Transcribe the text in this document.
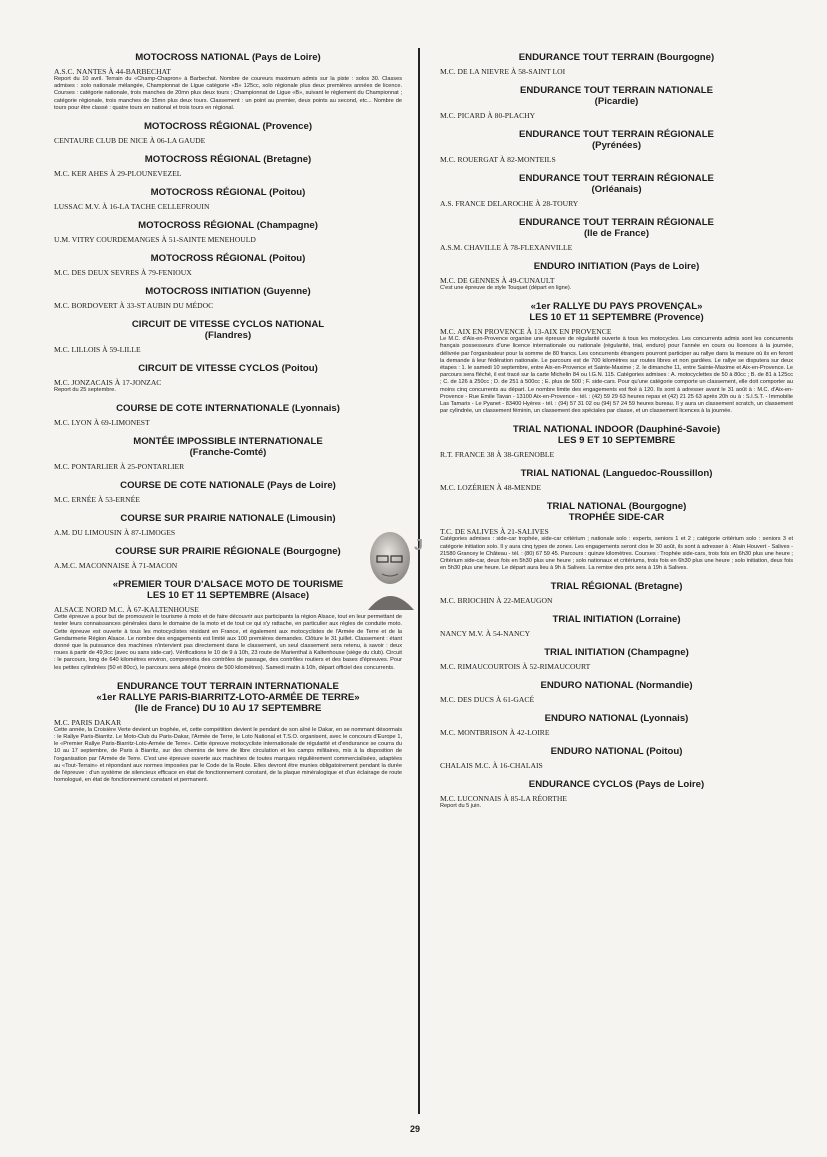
MOTOCROSS NATIONAL (Pays de Loire)

A.S.C. NANTES À 44-BARBECHAT

Report du 10 avril. Terrain du «Champ-Chapron» à Barbechat. Nombre de coureurs maximum admis sur la piste : solos 30. Classes admises : solo nationale mélangée, Championnat de Ligue catégorie «B» 125cc, solo régionale plus deux premières années de licence. Courses : catégorie nationale, trois manches de 20mn plus deux tours ; Championnat de Ligue «B», suivant le règlement du Championnat ; catégorie régionale, trois manches de 15mn plus deux tours. Classement : un point au premier, deux points au second, etc... Nombre de tours pour être classé : quatre tours en national et trois tours en régional.

MOTOCROSS RÉGIONAL (Provence)

CENTAURE CLUB DE NICE À 06-LA GAUDE

MOTOCROSS RÉGIONAL (Bretagne)

M.C. KER AHES À 29-PLOUNEVEZEL

MOTOCROSS RÉGIONAL (Poitou)

LUSSAC M.V. À 16-LA TACHE CELLEFROUIN

MOTOCROSS RÉGIONAL (Champagne)

U.M. VITRY COURDEMANGES À 51-SAINTE MENEHOULD

MOTOCROSS RÉGIONAL (Poitou)

M.C. DES DEUX SEVRES À 79-FENIOUX

MOTOCROSS INITIATION (Guyenne)

M.C. BORDOVERT À 33-ST AUBIN DU MÉDOC

CIRCUIT DE VITESSE CYCLOS NATIONAL
(Flandres)

M.C. LILLOIS À 59-LILLE

CIRCUIT DE VITESSE CYCLOS (Poitou)

M.C. JONZACAIS À 17-JONZAC

Report du 25 septembre.

COURSE DE COTE INTERNATIONALE (Lyonnais)

M.C. LYON À 69-LIMONEST

MONTÉE IMPOSSIBLE INTERNATIONALE
(Franche-Comté)

M.C. PONTARLIER À 25-PONTARLIER

COURSE DE COTE NATIONALE (Pays de Loire)

M.C. ERNÉE À 53-ERNÉE

COURSE SUR PRAIRIE NATIONALE (Limousin)

A.M. DU LIMOUSIN À 87-LIMOGES

COURSE SUR PRAIRIE RÉGIONALE (Bourgogne)

A.M.C. MACONNAISE À 71-MACON

«PREMIER TOUR D'ALSACE MOTO DE TOURISME
LES 10 ET 11 SEPTEMBRE (Alsace)

ALSACE NORD M.C. À 67-KALTENHOUSE

Cette épreuve a pour but de promouvoir le tourisme à moto et de faire découvrir aux participants la région Alsace, tout en leur permettant de tester leurs connaissances générales dans le domaine de la moto et de tout ce qui s'y rattache, en particulier aux règles de conduite moto. Cette épreuve est ouverte à tous les motocyclistes résidant en France, et également aux motocyclistes de l'Armée de Terre et de la Gendarmerie Région Alsace. Le nombre des engagements est limité aux 100 premières demandes. Clôture le 31 juillet. Classement : étant donné que la puissance des machines n'intervient pas directement dans le classement, un seul classement sera retenu, à savoir : deux roues à partir de 49,9cc (avec ou sans side-car). Vérifications le 10 de 9 à 10h, 23 route de Marienthal à Kaltenhouse (siège du club). Circuit : le parcours, long de 640 kilomètres environ, comprendra des contrôles de passage, des contrôles routiers et des bases d'épreuves. Pour les petites cylindrées (50 et 80cc), le parcours sera allégé (moins de 500 kilomètres). Samedi matin à 10h, départ officiel des concurrents.

ENDURANCE TOUT TERRAIN INTERNATIONALE
«1er RALLYE PARIS-BIARRITZ-LOTO-ARMÉE DE TERRE»
(Ile de France) DU 10 AU 17 SEPTEMBRE

M.C. PARIS DAKAR

Cette année, la Croisière Verte devient un trophée, et, cette compétition devient le pendant de son aîné le Dakar, en se nommant désormais : le Rallye Paris-Biarritz. Le Moto-Club du Paris-Dakar, l'Armée de Terre, le Loto National et T.S.O. organisent, avec le concours d'Europe 1, le «Premier Rallye Paris-Biarritz-Loto-Armée de Terre». Cette épreuve motocycliste internationale de régularité et d'endurance se courra du 10 au 17 septembre, de Paris à Biarritz, sur des chemins de terre de libre circulation et les camps militaires, mis à la disposition de l'organisation par l'Armée de Terre. C'est une épreuve ouverte aux machines de toutes marques régulièrement commercialisées, adaptées au «Tout-Terrain» et répondant aux normes imposées par le Code de la Route. Elles devront être munies obligatoirement pendant la durée de l'épreuve : d'un système de silencieux efficace en état de fonctionnement constant, de la plaque minéralogique et d'un éclairage de route homologué, en état de fonctionnement constant et permanent.

ENDURANCE TOUT TERRAIN (Bourgogne)

M.C. DE LA NIEVRE À 58-SAINT LOI

ENDURANCE TOUT TERRAIN NATIONALE
(Picardie)

M.C. PICARD À 80-PLACHY

ENDURANCE TOUT TERRAIN RÉGIONALE
(Pyrénées)

M.C. ROUERGAT À 82-MONTEILS

ENDURANCE TOUT TERRAIN RÉGIONALE
(Orléanais)

A.S. FRANCE DELAROCHE À 28-TOURY

ENDURANCE TOUT TERRAIN RÉGIONALE
(Ile de France)

A.S.M. CHAVILLE À 78-FLEXANVILLE

ENDURO INITIATION (Pays de Loire)

M.C. DE GENNES À 49-CUNAULT

C'est une épreuve de style Touquet (départ en ligne).

«1er RALLYE DU PAYS PROVENÇAL»
LES 10 ET 11 SEPTEMBRE (Provence)

M.C. AIX EN PROVENCE À 13-AIX EN PROVENCE

Le M.C. d'Aix-en-Provence organise une épreuve de régularité ouverte à tous les motocycles. Les concurrents admis sont les concurrents français possesseurs d'une licence internationale ou nationale (régularité, trial, enduro) pour l'année en cours ou licences à la journée, délivrée par l'organisateur pour la somme de 80 francs. Les concurrents étrangers pourront participer au rallye dans la mesure où ils en feront la demande à leur fédération nationale. Le parcours est de 700 kilomètres sur routes libres et non gardées. Le rallye se disputera sur deux étapes : 1. le samedi 10 septembre, entre Aix-en-Provence et Sainte-Maxime ; 2. le dimanche 11, entre Sainte-Maxime et Aix-en-Provence. Le parcours sera fléché, il est tracé sur la carte Michelin 84 ou I.G.N. 115. Catégories admises : A. motocyclettes de 50 à 80cc ; B. de 81 à 125cc ; C. de 126 à 250cc ; D. de 251 à 500cc ; E. plus de 500 ; F. side-cars. Pour qu'une catégorie comporte un classement, elle doit comporter au moins cinq concurrents au départ. Le nombre limite des engagements est fixé à 120. Ils sont à adresser avant le 31 août à : M.C. d'Aix-en-Provence - Rue Emile Tavan - 13100 Aix-en-Provence - tél. : (42) 59 29 63 heures repas et (42) 21 25 63 après 20h ou à : S.I.S.T. - Immobilie Las Tamaris - Le Pyanet - 83400 Hyères - tél. : (94) 57 31 02 ou (94) 57 24 59 heures bureau. Il y aura un classement scratch, un classement par cylindrée, un classement féminin, un classement des spéciales par classe, et un classement licences à la journée.

TRIAL NATIONAL INDOOR (Dauphiné-Savoie)
LES 9 ET 10 SEPTEMBRE

R.T. FRANCE 38 À 38-GRENOBLE

TRIAL NATIONAL (Languedoc-Roussillon)

M.C. LOZÉRIEN À 48-MENDE

TRIAL NATIONAL (Bourgogne)
TROPHÉE SIDE-CAR

T.C. DE SALIVES À 21-SALIVES

Catégories admises : side-car trophée, side-car critérium ; nationale solo : experts, seniors 1 et 2 ; catégorie critérium solo : seniors 3 et catégorie initiation solo. Il y aura cinq types de zones. Les engagements seront clos le 30 août, ils sont à adresser à : Alain Houvert - Salives - 21580 Grancey le Château - tél. : (80) 67 59 45. Parcours : quinze kilomètres. Courses : Trophée side-cars, trois fois en 6h30 plus une heure ; Critérium side-car, deux fois en 5h30 plus une heure ; solo nationaux et critériums, trois fois en 6h30 plus une heure ; solo initiation, deux fois en 5h30 plus une heure. Le départ aura lieu à 9h à Salives. La remise des prix sera à 19h à Salives.

TRIAL RÉGIONAL (Bretagne)

M.C. BRIOCHIN À 22-MEAUGON

TRIAL INITIATION (Lorraine)

NANCY M.V. À 54-NANCY

TRIAL INITIATION (Champagne)

M.C. RIMAUCOURTOIS À 52-RIMAUCOURT

ENDURO NATIONAL (Normandie)

M.C. DES DUCS À 61-GACÉ

ENDURO NATIONAL (Lyonnais)

M.C. MONTBRISON À 42-LOIRE

ENDURO NATIONAL (Poitou)

CHALAIS M.C. À 16-CHALAIS

ENDURANCE CYCLOS (Pays de Loire)

M.C. LUCONNAIS À 85-LA RÉORTHE

Report du 5 juin.

J
29
